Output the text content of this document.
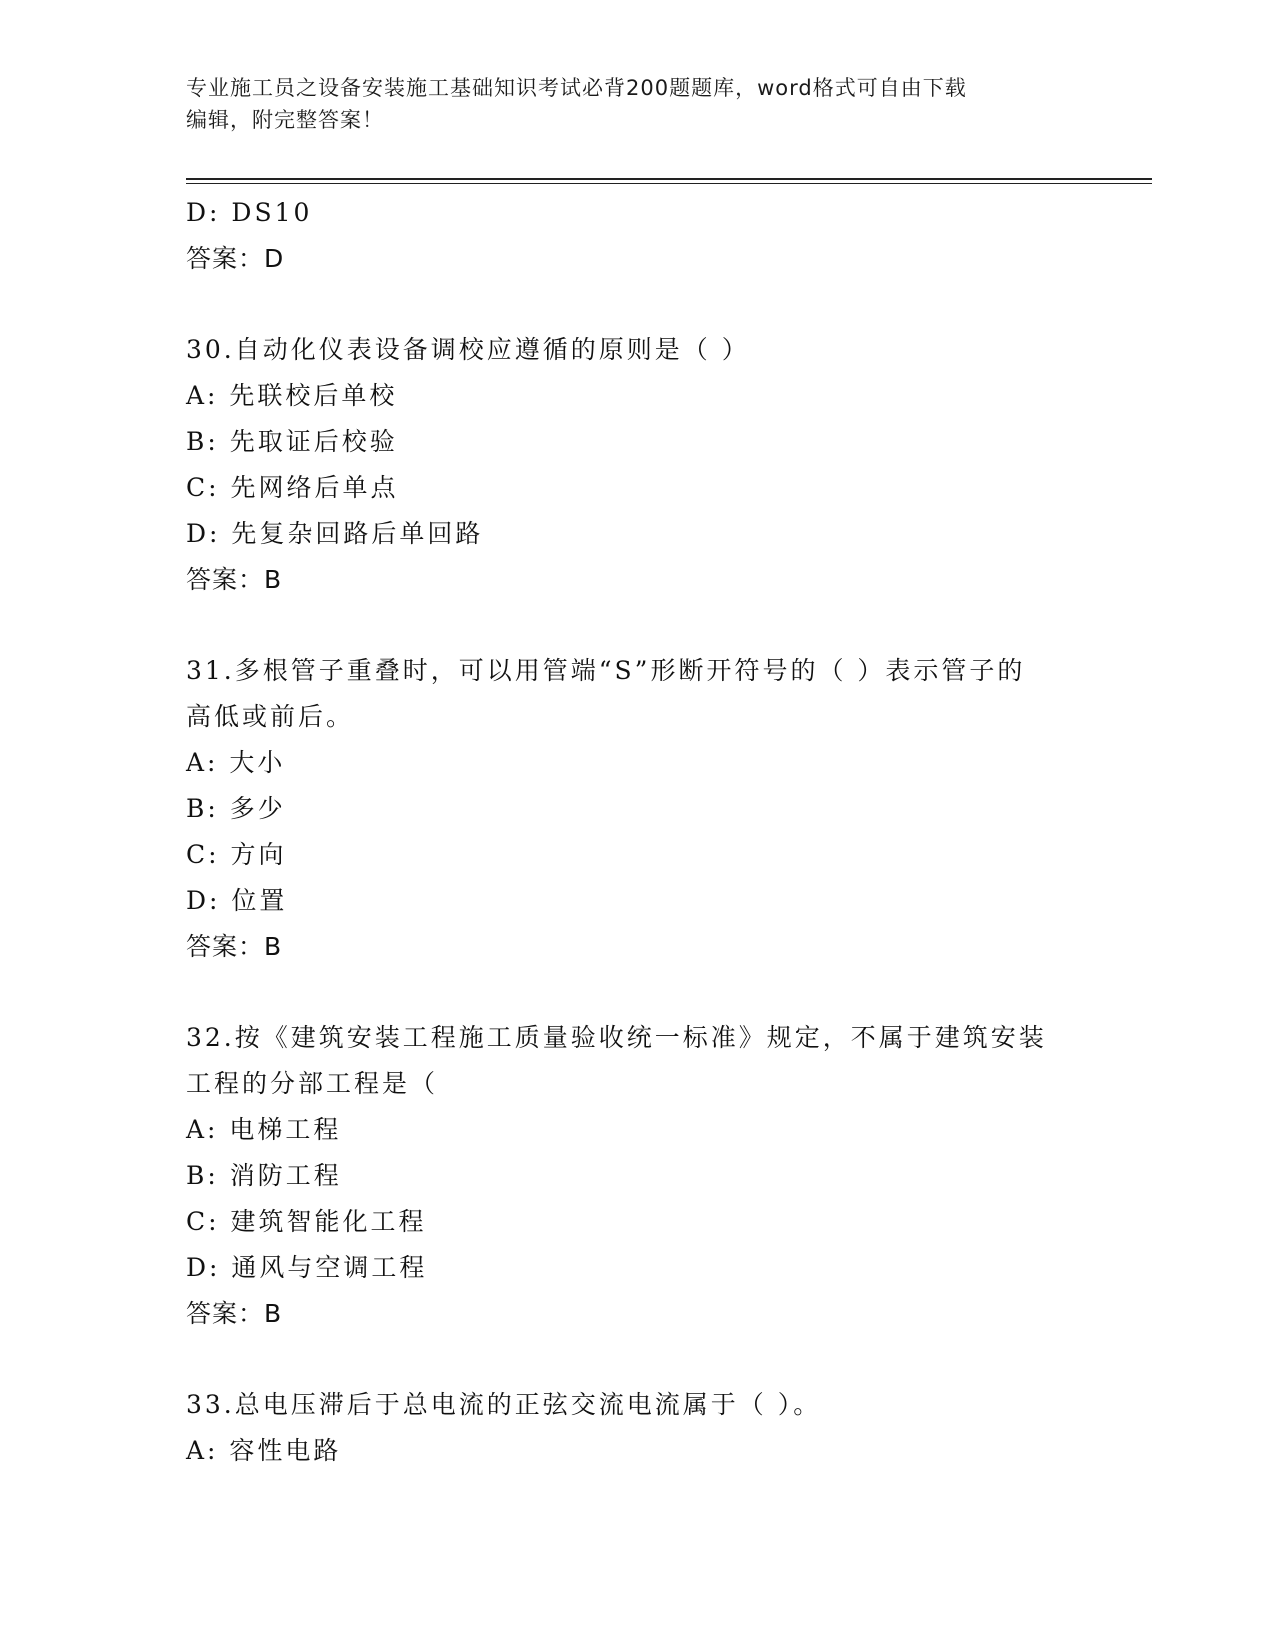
专业施工员之设备安装施工基础知识考试必背200题题库，word格式可自由下载
编辑，附完整答案！
D: DS10
答案：D
30.自动化仪表设备调校应遵循的原则是（ ）
A: 先联校后单校
B: 先取证后校验
C: 先网络后单点
D: 先复杂回路后单回路
答案：B
31.多根管子重叠时，可以用管端“S”形断开符号的（ ）表示管子的
高低或前后。
A: 大小
B: 多少
C: 方向
D: 位置
答案：B
32.按《建筑安装工程施工质量验收统一标准》规定，不属于建筑安装
工程的分部工程是（
A: 电梯工程
B: 消防工程
C: 建筑智能化工程
D: 通风与空调工程
答案：B
33.总电压滞后于总电流的正弦交流电流属于（ ）。
A: 容性电路
